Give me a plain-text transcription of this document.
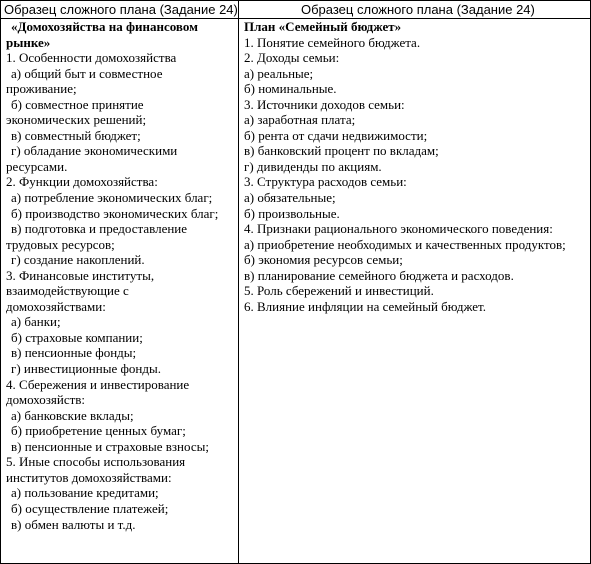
Образец сложного плана (Задание 24)	Образец сложного плана (Задание 24)
«Домохозяйства на финансовом
рынке»
1. Особенности домохозяйства
а) общий быт и совместное
проживание;
б) совместное принятие
экономических решений;
в) совместный бюджет;
г) обладание экономическими
ресурсами.
2. Функции домохозяйства:
а) потребление экономических благ;
б) производство экономических благ;
в) подготовка и предоставление
трудовых ресурсов;
г) создание накоплений.
3. Финансовые институты,
взаимодействующие с
домохозяйствами:
а) банки;
б) страховые компании;
в) пенсионные фонды;
г) инвестиционные фонды.
4. Сбережения и инвестирование
домохозяйств:
а) банковские вклады;
б) приобретение ценных бумаг;
в) пенсионные и страховые взносы;
5. Иные способы использования
институтов домохозяйствами:
а) пользование кредитами;
б) осуществление платежей;
в) обмен валюты и т.д.
План «Семейный бюджет»
1. Понятие семейного бюджета.
2. Доходы семьи:
а) реальные;
б) номинальные.
3. Источники доходов семьи:
а) заработная плата;
б) рента от сдачи недвижимости;
в) банковский процент по вкладам;
г) дивиденды по акциям.
3. Структура расходов семьи:
а) обязательные;
б) произвольные.
4. Признаки рационального экономического поведения:
а) приобретение необходимых и качественных продуктов;
б) экономия ресурсов семьи;
в) планирование семейного бюджета и расходов.
5. Роль сбережений и инвестиций.
6. Влияние инфляции на семейный бюджет.
